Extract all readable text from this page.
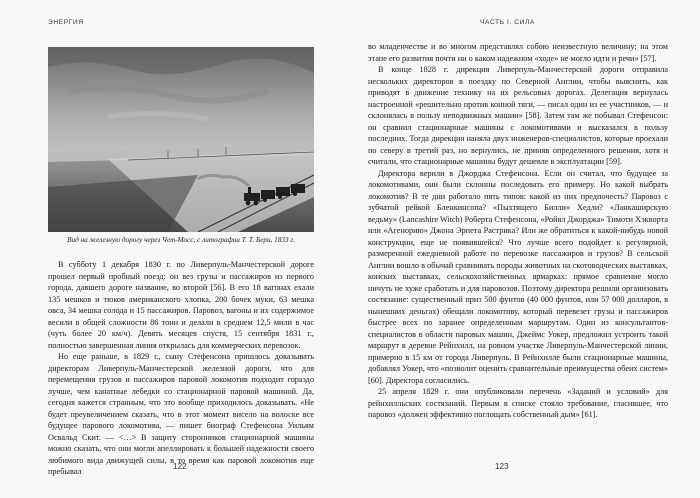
ЭНЕРГИЯ
Вид на железную дорогу через Чет-Мосс, с литографии Т. Т. Бери, 1833 г.

В субботу 1 декабря 1830 г. по Ливерпуль-Манчестерской дороге прошел первый пробный поезд: он вез грузы и пассажиров из первого города, давшего дороге название, во второй [56]. В его 18 вагонах ехали 135 мешков и тюков американского хлопка, 200 бочек муки, 63 мешка овса, 34 мешка солода и 15 пассажиров. Паровоз, вагоны и их содержимое весили в общей сложности 86 тонн и делали в среднем 12,5 мили в час (чуть более 20 км/ч). Девять месяцев спустя, 15 сентября 1831 г., полностью завершенная линия открылась для коммерческих перевозок.

Но еще раньше, в 1829 г., сыну Стефенсона пришлось доказывать директорам Ливерпуль-Манчестерской железной дороги, что для перемещения грузов и пассажиров паровой локомотив подходит гораздо лучше, чем канатные лебедки со стационарной паровой машиной. Да, сегодня кажется странным, что это вообще приходилось доказывать. «Не будет преувеличением сказать, что в этот момент висело на волоске все будущее парового локомотива, — пишет биограф Стефенсона Уильям Освальд Скит. — <…> В защиту сторонников стационарной машины можно сказать, что они могли апеллировать к большей надежности своего любимого вида движущей силы, в то время как паровой локомотив еще пребывал

122
ЧАСТЬ I. СИЛА

во младенчестве и во многом представлял собою неизвестную величину; на этом этапе его развития почти ни о каком надежном «ходе» не могло идти и речи» [57].

В конце 1828 г. дирекция Ливерпуль-Манчестерской дороги отправила нескольких директоров в поездку по Северной Англии, чтобы выяснить, как приводят в движение технику на их рельсовых дорогах. Делегация вернулась настроенной «решительно против конной тяги, — писал один из ее участников, — и склонялась в пользу неподвижных машин» [58]. Затем там же побывал Стефенсон: он сравнил стационарные машины с локомотивами и высказался в пользу последних. Тогда дирекция наняла двух инженеров-специалистов, которые проехали по северу в третий раз, но вернулись, не приняв определенного решения, хотя и считали, что стационарные машины будут дешевле в эксплуатации [59].

Директора верили в Джорджа Стефенсона. Если он считал, что будущее за локомотивами, они были склонны последовать его примеру. Но какой выбрать локомотив? В те дни работало пять типов: какой из них предпочесть? Паровоз с зубчатой рейкой Бленкинсопа? «Пыхтящего Билли» Хедли? «Ланкаширскую ведьму» (Lancashire Witch) Роберта Стефенсона, «Ройял Джорджа» Тимоти Хэкворта или «Агенорию» Джона Эрпета Растрика? Или же обратиться к какой-нибудь новой конструкции, еще не появившейся? Что лучше всего подойдет к регулярной, размеренной ежедневной работе по перевозке пассажиров и грузов? В сельской Англии вошло в обычай сравнивать породы животных на скотоводческих выставках, конских выставках, сельскохозяйственных ярмарках: прямое сравнение могло ничуть не хуже сработать и для паровозов. Поэтому директора решили организовать состязание: существенный приз 500 фунтов (40 000 фунтов, или 57 000 долларов, в нынешних деньгах) обещали локомотиву, который перевезет грузы и пассажиров быстрее всех по заранее определенным маршрутам. Один из консультантов-специалистов в области паровых машин, Джеймс Уокер, предложил устроить такой маршрут в деревне Рейнхилл, на ровном участке Ливерпуль-Манчестерской линии, примерно в 15 км от города Ливерпуль. В Рейнхилле были стационарные машины, добавлял Уокер, что «позволит оценить сравнительные преимущества обеих систем» [60]. Директора согласились.

25 апреля 1829 г. они опубликовали перечень «Заданий и условий» для рейнхилльских состязаний. Первым в списке стояло требование, гласившее, что паровоз «должен эффективно поглощать собственный дым» [61].

123
